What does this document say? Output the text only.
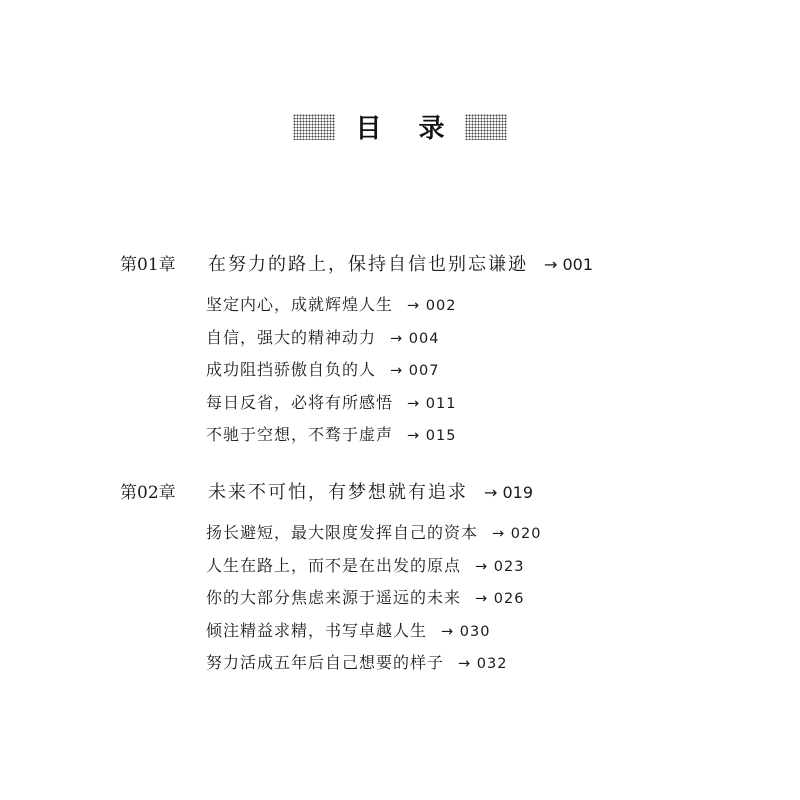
目 录
第01章	在努力的路上，保持自信也别忘谦逊 → 001
坚定内心，成就辉煌人生 → 002
自信，强大的精神动力 → 004
成功阻挡骄傲自负的人 → 007
每日反省，必将有所感悟 → 011
不驰于空想，不骛于虚声 → 015
第02章	未来不可怕，有梦想就有追求 → 019
扬长避短，最大限度发挥自己的资本 → 020
人生在路上，而不是在出发的原点 → 023
你的大部分焦虑来源于遥远的未来 → 026
倾注精益求精，书写卓越人生 → 030
努力活成五年后自己想要的样子 → 032
